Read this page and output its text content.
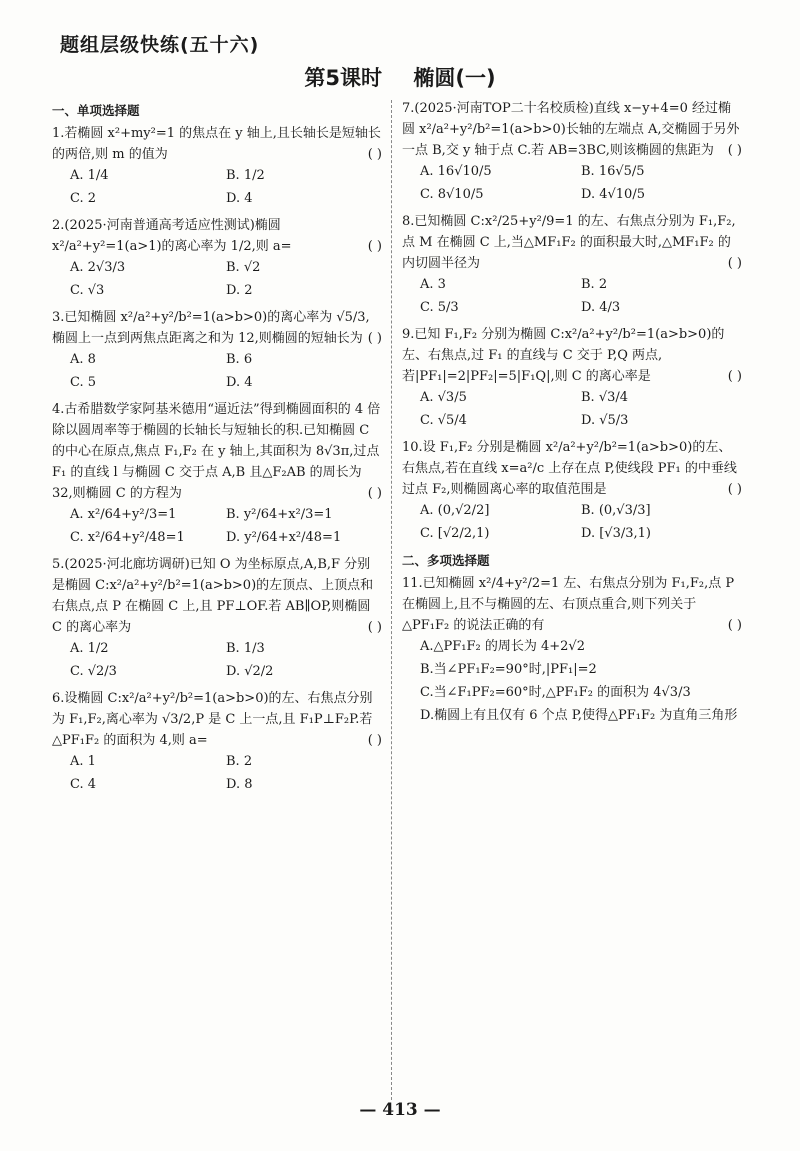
题组层级快练(五十六)
第5课时 椭圆(一)
一、单项选择题
1.若椭圆 x²+my²=1 的焦点在 y 轴上,且长轴长是短轴长的两倍,则 m 的值为	( )
A. 1/4	B. 1/2
C. 2	D. 4
2.(2025·河南普通高考适应性测试)椭圆 x²/a²+y²=1(a>1)的离心率为 1/2,则 a=	( )
A. 2√3/3	B. √2
C. √3	D. 2
3.已知椭圆 x²/a²+y²/b²=1(a>b>0)的离心率为 √5/3,椭圆上一点到两焦点距离之和为 12,则椭圆的短轴长为 ( )
A. 8	B. 6
C. 5	D. 4
4.古希腊数学家阿基米德用“逼近法”得到椭圆面积的 4 倍除以圆周率等于椭圆的长轴长与短轴长的积.已知椭圆 C 的中心在原点,焦点 F₁,F₂ 在 y 轴上,其面积为 8√3π,过点 F₁ 的直线 l 与椭圆 C 交于点 A,B 且△F₂AB 的周长为 32,则椭圆 C 的方程为	( )
A. x²/64+y²/3=1	B. y²/64+x²/3=1
C. x²/64+y²/48=1	D. y²/64+x²/48=1
5.(2025·河北廊坊调研)已知 O 为坐标原点,A,B,F 分别是椭圆 C:x²/a²+y²/b²=1(a>b>0)的左顶点、上顶点和右焦点,点 P 在椭圆 C 上,且 PF⊥OF.若 AB∥OP,则椭圆 C 的离心率为	( )
A. 1/2	B. 1/3
C. √2/3	D. √2/2
6.设椭圆 C:x²/a²+y²/b²=1(a>b>0)的左、右焦点分别为 F₁,F₂,离心率为 √3/2,P 是 C 上一点,且 F₁P⊥F₂P.若△PF₁F₂ 的面积为 4,则 a=	( )
A. 1	B. 2
C. 4	D. 8
7.(2025·河南TOP二十名校质检)直线 x−y+4=0 经过椭圆 x²/a²+y²/b²=1(a>b>0)长轴的左端点 A,交椭圆于另外一点 B,交 y 轴于点 C.若 AB=3BC,则该椭圆的焦距为 ( )
A. 16√10/5	B. 16√5/5
C. 8√10/5	D. 4√10/5
8.已知椭圆 C:x²/25+y²/9=1 的左、右焦点分别为 F₁,F₂,点 M 在椭圆 C 上,当△MF₁F₂ 的面积最大时,△MF₁F₂ 的内切圆半径为	( )
A. 3	B. 2
C. 5/3	D. 4/3
9.已知 F₁,F₂ 分别为椭圆 C:x²/a²+y²/b²=1(a>b>0)的左、右焦点,过 F₁ 的直线与 C 交于 P,Q 两点,若|PF₁|=2|PF₂|=5|F₁Q|,则 C 的离心率是	( )
A. √3/5	B. √3/4
C. √5/4	D. √5/3
10.设 F₁,F₂ 分别是椭圆 x²/a²+y²/b²=1(a>b>0)的左、右焦点,若在直线 x=a²/c 上存在点 P,使线段 PF₁ 的中垂线过点 F₂,则椭圆离心率的取值范围是	( )
A. (0,√2/2]	B. (0,√3/3]
C. [√2/2,1)	D. [√3/3,1)
二、多项选择题
11.已知椭圆 x²/4+y²/2=1 左、右焦点分别为 F₁,F₂,点 P 在椭圆上,且不与椭圆的左、右顶点重合,则下列关于△PF₁F₂ 的说法正确的有	( )
A.△PF₁F₂ 的周长为 4+2√2
B.当∠PF₁F₂=90°时,|PF₁|=2
C.当∠F₁PF₂=60°时,△PF₁F₂ 的面积为 4√3/3
D.椭圆上有且仅有 6 个点 P,使得△PF₁F₂ 为直角三角形
— 413 —
